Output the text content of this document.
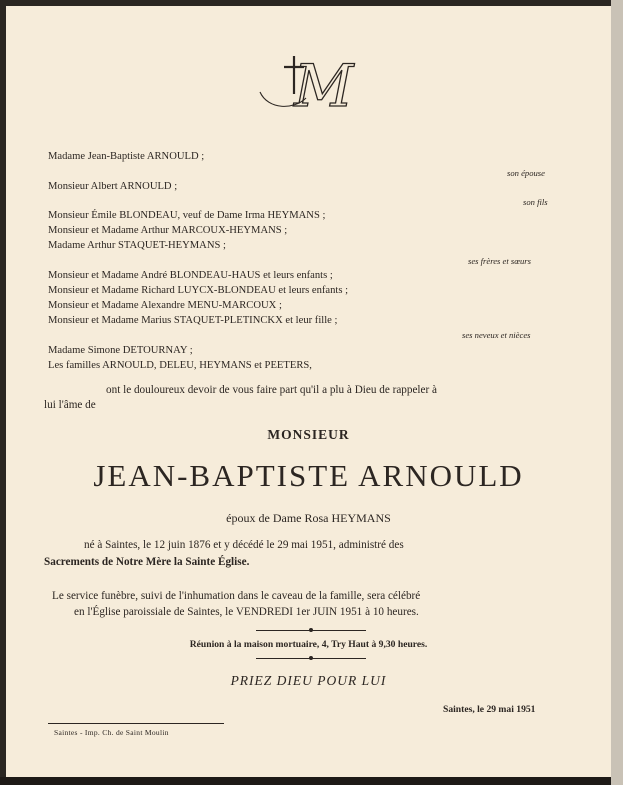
M
Madame Jean-Baptiste ARNOULD ;
son épouse
Monsieur Albert ARNOULD ;
son fils
Monsieur Émile BLONDEAU, veuf de Dame Irma HEYMANS ;
Monsieur et Madame Arthur MARCOUX-HEYMANS ;
Madame Arthur STAQUET-HEYMANS ;
ses frères et sœurs
Monsieur et Madame André BLONDEAU-HAUS et leurs enfants ;
Monsieur et Madame Richard LUYCX-BLONDEAU et leurs enfants ;
Monsieur et Madame Alexandre MENU-MARCOUX ;
Monsieur et Madame Marius STAQUET-PLETINCKX et leur fille ;
ses neveux et nièces
Madame Simone DETOURNAY ;
Les familles ARNOULD, DELEU, HEYMANS et PEETERS,
ont le douloureux devoir de vous faire part qu'il a plu à Dieu de rappeler à
lui l'âme de
MONSIEUR
JEAN-BAPTISTE ARNOULD
époux de Dame Rosa HEYMANS
né à Saintes, le 12 juin 1876 et y décédé le 29 mai 1951, administré des
Sacrements de Notre Mère la Sainte Église.
Le service funèbre, suivi de l'inhumation dans le caveau de la famille, sera célébré
en l'Église paroissiale de Saintes, le VENDREDI 1er JUIN 1951 à 10 heures.
Réunion à la maison mortuaire, 4, Try Haut à 9,30 heures.
PRIEZ DIEU POUR LUI
Saintes, le 29 mai 1951
Saintes - Imp. Ch. de Saint Moulin
